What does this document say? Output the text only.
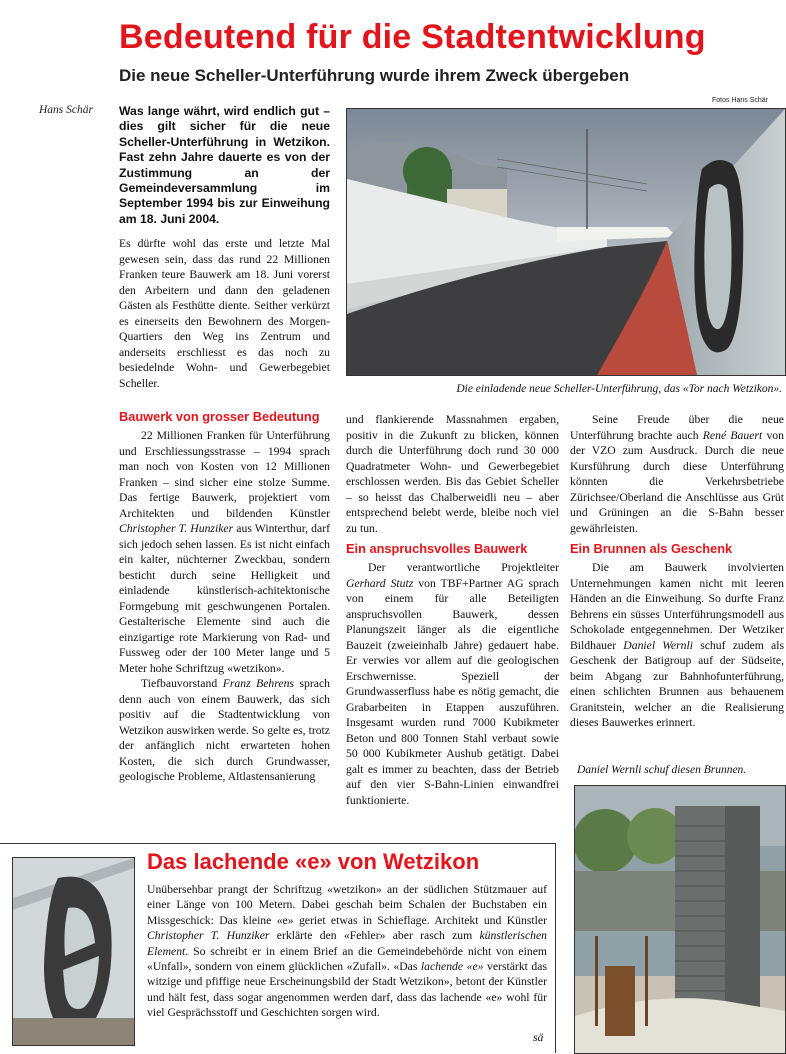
Bedeutend für die Stadtentwicklung
Die neue Scheller-Unterführung wurde ihrem Zweck übergeben
Hans Schär
Fotos Hans Schär

Was lange währt, wird endlich gut – dies gilt sicher für die neue Scheller-Unterführung in Wetzikon. Fast zehn Jahre dauerte es von der Zustimmung an der Gemeindeversammlung im September 1994 bis zur Einweihung am 18. Juni 2004.

Es dürfte wohl das erste und letzte Mal gewesen sein, dass das rund 22 Millionen Franken teure Bauwerk am 18. Juni vorerst den Arbeitern und dann den geladenen Gästen als Festhütte diente. Seither verkürzt es einerseits den Bewohnern des Morgen-Quartiers den Weg ins Zentrum und anderseits erschliesst es das noch zu besiedelnde Wohn- und Gewerbegebiet Scheller.

Bauwerk von grosser Bedeutung

22 Millionen Franken für Unterführung und Erschliessungsstrasse – 1994 sprach man noch von Kosten von 12 Millionen Franken – sind sicher eine stolze Summe. Das fertige Bauwerk, projektiert vom Architekten und bildenden Künstler Christopher T. Hunziker aus Winterthur, darf sich jedoch sehen lassen. Es ist nicht einfach ein kalter, nüchterner Zweckbau, sondern besticht durch seine Helligkeit und einladende künstlerisch-achitektonische Formgebung mit geschwungenen Portalen. Gestalterische Elemente sind auch die einzigartige rote Markierung von Rad- und Fussweg oder der 100 Meter lange und 5 Meter hohe Schriftzug «wetzikon».

Tiefbauvorstand Franz Behrens sprach denn auch von einem Bauwerk, das sich positiv auf die Stadtentwicklung von Wetzikon auswirken werde. So gelte es, trotz der anfänglich nicht erwarteten hohen Kosten, die sich durch Grundwasser, geologische Probleme, Altlastensanierung

und flankierende Massnahmen ergaben, positiv in die Zukunft zu blicken, können durch die Unterführung doch rund 30 000 Quadratmeter Wohn- und Gewerbegebiet erschlossen werden. Bis das Gebiet Scheller – so heisst das Chalberweidli neu – aber entsprechend belebt werde, bleibe noch viel zu tun.

Ein anspruchsvolles Bauwerk

Der verantwortliche Projektleiter Gerhard Stutz von TBF+Partner AG sprach von einem für alle Beteiligten anspruchsvollen Bauwerk, dessen Planungszeit länger als die eigentliche Bauzeit (zweieinhalb Jahre) gedauert habe. Er verwies vor allem auf die geologischen Erschwernisse. Speziell der Grundwasserfluss habe es nötig gemacht, die Grabarbeiten in Etappen auszuführen. Insgesamt wurden rund 7000 Kubikmeter Beton und 800 Tonnen Stahl verbaut sowie 50 000 Kubikmeter Aushub getätigt. Dabei galt es immer zu beachten, dass der Betrieb auf den vier S-Bahn-Linien einwandfrei funktionierte.

Seine Freude über die neue Unterführung brachte auch René Bauert von der VZO zum Ausdruck. Durch die neue Kursführung durch diese Unterführung könnten die Verkehrsbetriebe Zürichsee/Oberland die Anschlüsse aus Grüt und Grüningen an die S-Bahn besser gewährleisten.

Ein Brunnen als Geschenk

Die am Bauwerk involvierten Unternehmungen kamen nicht mit leeren Händen an die Einweihung. So durfte Franz Behrens ein süsses Unterführungsmodell aus Schokolade entgegennehmen. Der Wetziker Bildhauer Daniel Wernli schuf zudem als Geschenk der Batigroup auf der Südseite, beim Abgang zur Bahnhofunterführung, einen schlichten Brunnen aus behauenem Granitstein, welcher an die Realisierung dieses Bauwerkes erinnert.

Die einladende neue Scheller-Unterführung, das «Tor nach Wetzikon».
Daniel Wernli schuf diesen Brunnen.
Das lachende «e» von Wetzikon

Unübersehbar prangt der Schriftzug «wetzikon» an der südlichen Stützmauer auf einer Länge von 100 Metern. Dabei geschah beim Schalen der Buchstaben ein Missgeschick: Das kleine «e» geriet etwas in Schieflage. Architekt und Künstler Christopher T. Hunziker erklärte den «Fehler» aber rasch zum künstlerischen Element. So schreibt er in einem Brief an die Gemeindebehörde nicht von einem «Unfall», sondern von einem glücklichen «Zufall». «Das lachende «e» verstärkt das witzige und pfiffige neue Erscheinungsbild der Stadt Wetzikon», betont der Künstler und hält fest, dass sogar angenommen werden darf, dass das lachende «e» wohl für viel Gesprächsstoff und Geschichten sorgen wird.

sä
